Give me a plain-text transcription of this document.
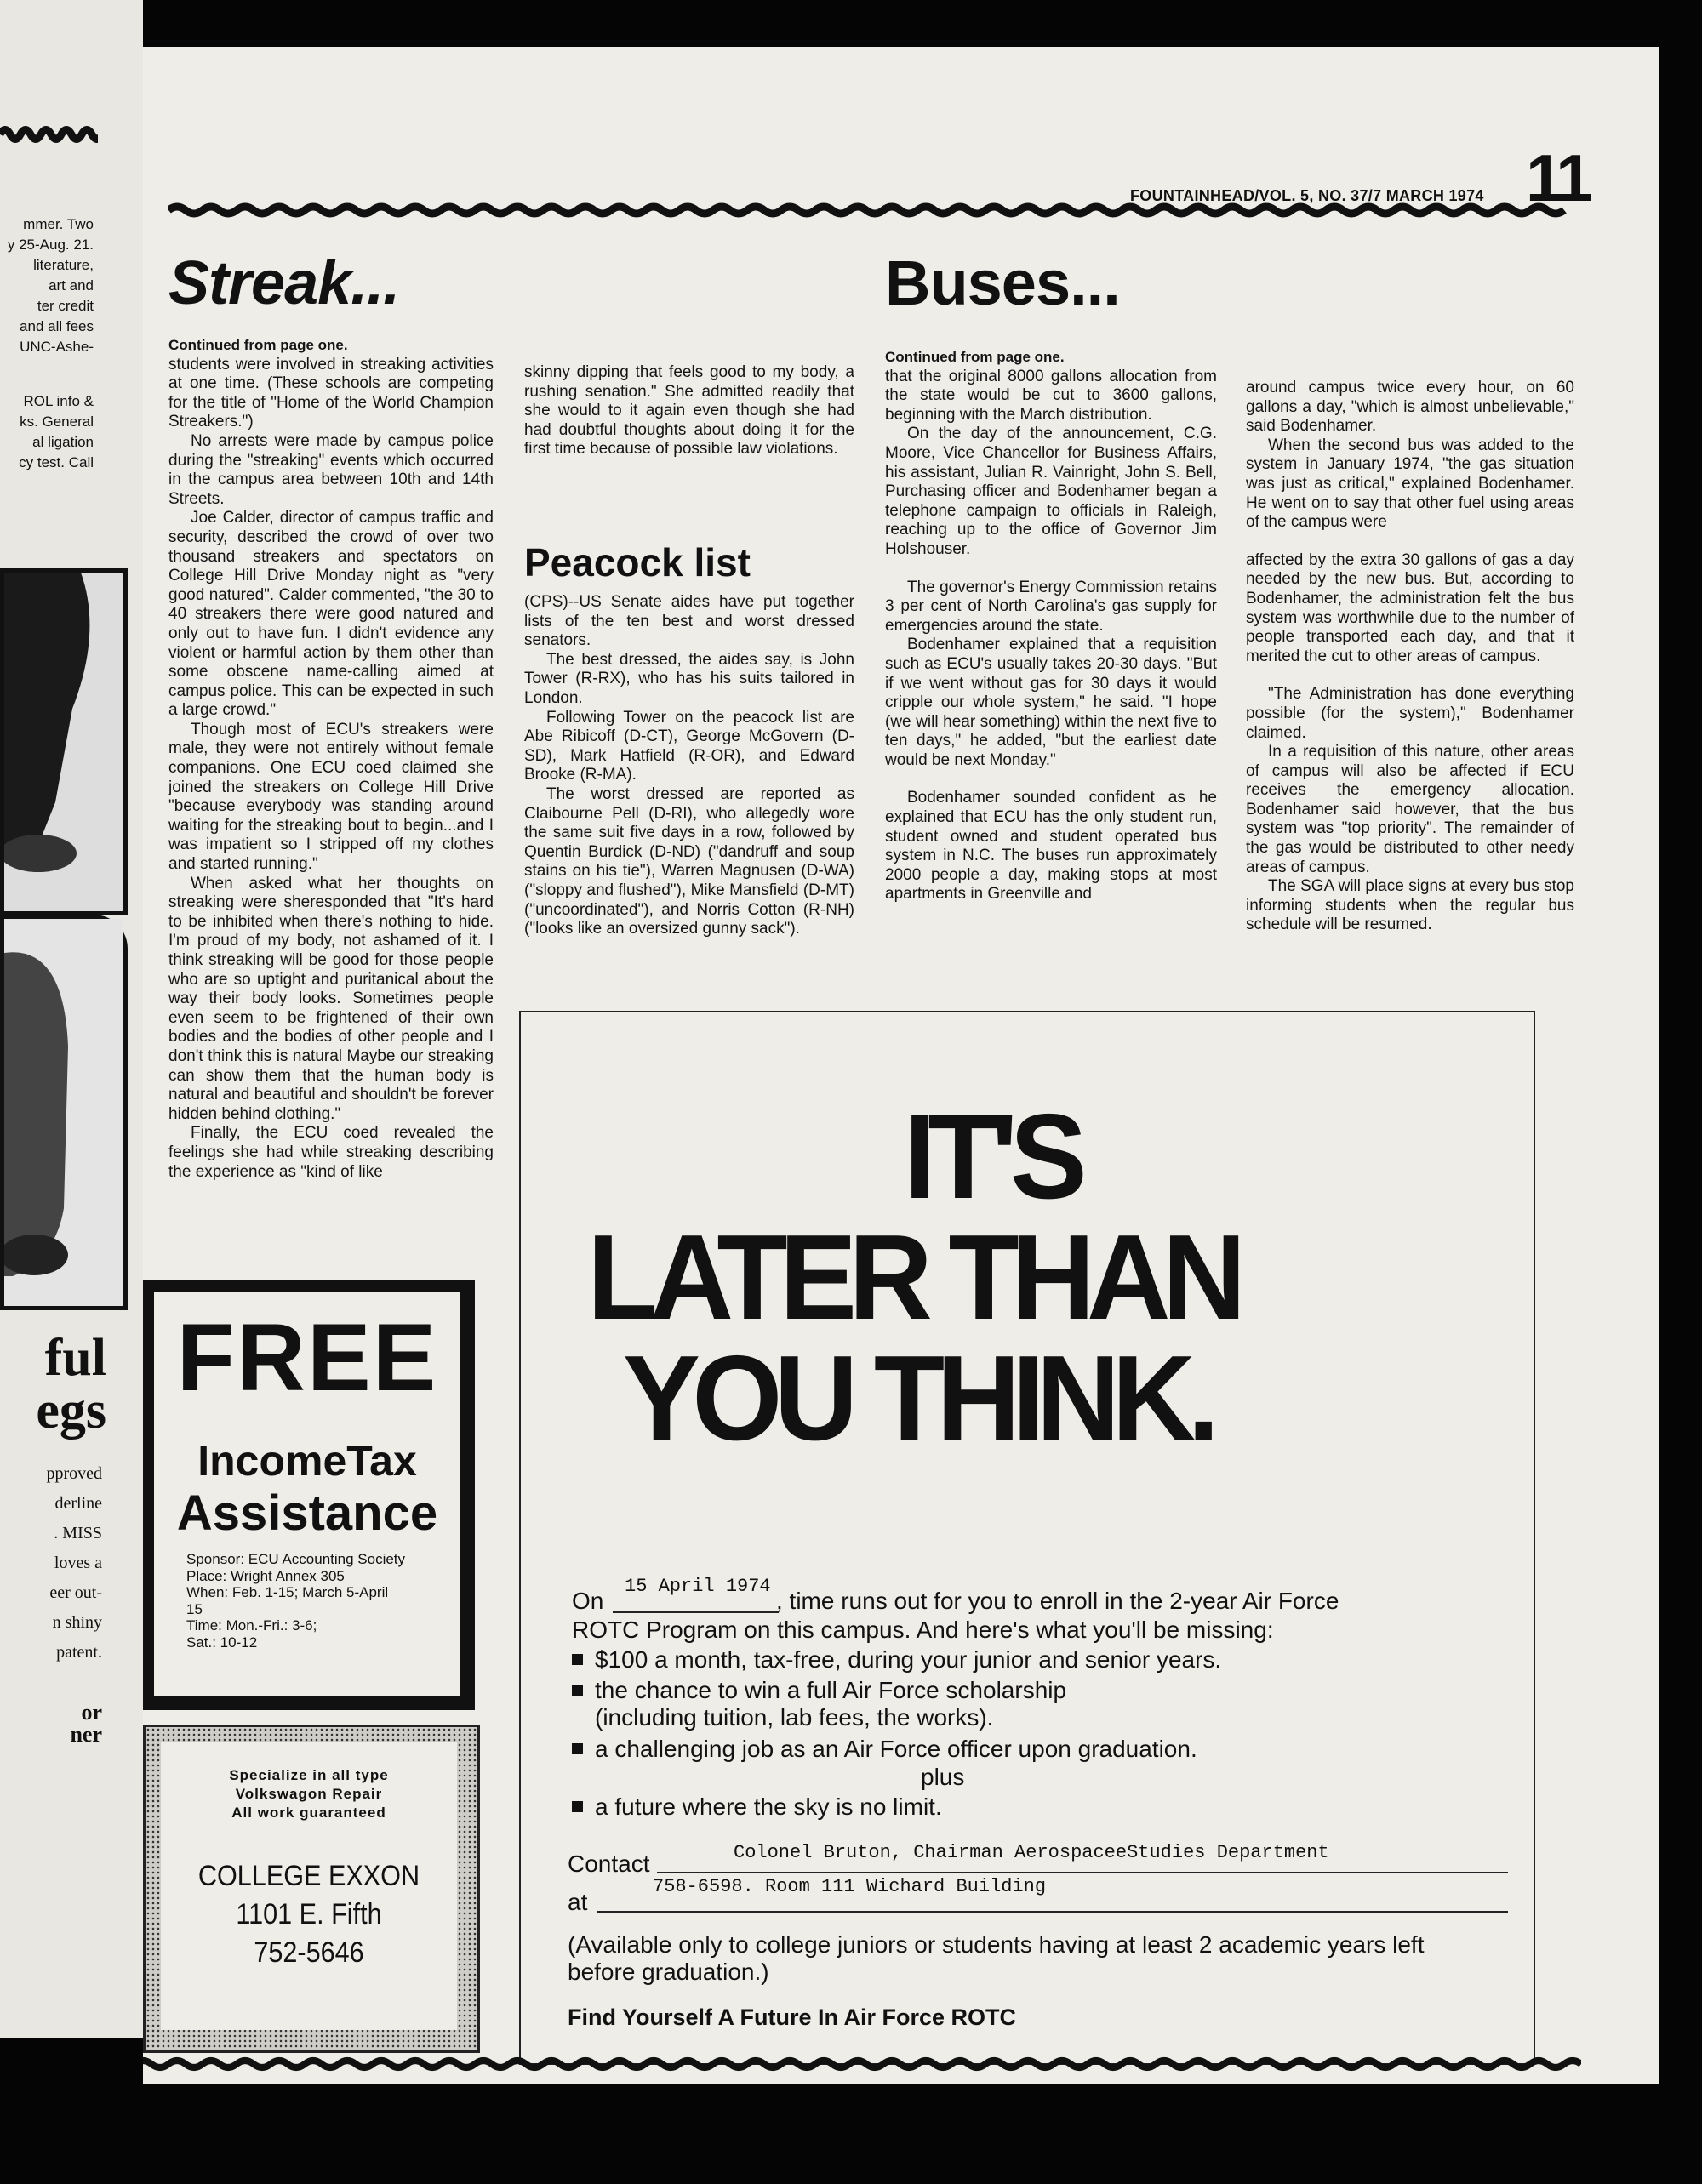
mmer. Two
y 25-Aug. 21.
literature,
art and
ter credit
and all fees
UNC-Ashe-
ROL info &
ks. General
al ligation
cy test. Call
ful
egs
pproved
derline
. MISS
loves a
eer out-
n shiny
patent.
or
ner
11
FOUNTAINHEAD/VOL. 5, NO. 37/7 MARCH 1974
Streak...

Continued from page one.

students were involved in streaking activities at one time. (These schools are competing for the title of "Home of the World Champion Streakers.")

No arrests were made by campus police during the "streaking" events which occurred in the campus area between 10th and 14th Streets.

Joe Calder, director of campus traffic and security, described the crowd of over two thousand streakers and spectators on College Hill Drive Monday night as "very good natured". Calder commented, "the 30 to 40 streakers there were good natured and only out to have fun. I didn't evidence any violent or harmful action by them other than some obscene name-calling aimed at campus police. This can be expected in such a large crowd."

Though most of ECU's streakers were male, they were not entirely without female companions. One ECU coed claimed she joined the streakers on College Hill Drive "because everybody was standing around waiting for the streaking bout to begin...and I was impatient so I stripped off my clothes and started running."

When asked what her thoughts on streaking were sheresponded that "It's hard to be inhibited when there's nothing to hide. I'm proud of my body, not ashamed of it. I think streaking will be good for those people who are so uptight and puritanical about the way their body looks. Sometimes people even seem to be frightened of their own bodies and the bodies of other people and I don't think this is natural Maybe our streaking can show them that the human body is natural and beautiful and shouldn't be forever hidden behind clothing."

Finally, the ECU coed revealed the feelings she had while streaking describing the experience as "kind of like

skinny dipping that feels good to my body, a rushing senation." She admitted readily that she would to it again even though she had had doubtful thoughts about doing it for the first time because of possible law violations.

Peacock list

(CPS)--US Senate aides have put together lists of the ten best and worst dressed senators.

The best dressed, the aides say, is John Tower (R-RX), who has his suits tailored in London.

Following Tower on the peacock list are Abe Ribicoff (D-CT), George McGovern (D-SD), Mark Hatfield (R-OR), and Edward Brooke (R-MA).

The worst dressed are reported as Claibourne Pell (D-RI), who allegedly wore the same suit five days in a row, followed by Quentin Burdick (D-ND) ("dandruff and soup stains on his tie"), Warren Magnusen (D-WA) ("sloppy and flushed"), Mike Mansfield (D-MT) ("uncoordinated"), and Norris Cotton (R-NH) ("looks like an oversized gunny sack").

Buses...

Continued from page one.

that the original 8000 gallons allocation from the state would be cut to 3600 gallons, beginning with the March distribution.

On the day of the announcement, C.G. Moore, Vice Chancellor for Business Affairs, his assistant, Julian R. Vainright, John S. Bell, Purchasing officer and Bodenhamer began a telephone campaign to officials in Raleigh, reaching up to the office of Governor Jim Holshouser.

The governor's Energy Commission retains 3 per cent of North Carolina's gas supply for emergencies around the state.

Bodenhamer explained that a requisition such as ECU's usually takes 20-30 days. "But if we went without gas for 30 days it would cripple our whole system," he said. "I hope (we will hear something) within the next five to ten days," he added, "but the earliest date would be next Monday."

Bodenhamer sounded confident as he explained that ECU has the only student run, student owned and student operated bus system in N.C. The buses run approximately 2000 people a day, making stops at most apartments in Greenville and

around campus twice every hour, on 60 gallons a day, "which is almost unbelievable," said Bodenhamer.

When the second bus was added to the system in January 1974, "the gas situation was just as critical," explained Bodenhamer. He went on to say that other fuel using areas of the campus were

affected by the extra 30 gallons of gas a day needed by the new bus. But, according to Bodenhamer, the administration felt the bus system was worthwhile due to the number of people transported each day, and that it merited the cut to other areas of campus.

"The Administration has done everything possible (for the system)," Bodenhamer claimed.

In a requisition of this nature, other areas of campus will also be affected if ECU receives the emergency allocation. Bodenhamer said however, that the bus system was "top priority". The remainder of the gas would be distributed to other needy areas of campus.

The SGA will place signs at every bus stop informing students when the regular bus schedule will be resumed.

FREE
IncomeTax
Assistance
Sponsor: ECU Accounting Society
Place: Wright Annex 305
When: Feb. 1-15; March 5-April 15
Time: Mon.-Fri.: 3-6;
Sat.: 10-12
Specialize in all type
Volkswagon Repair
All work guaranteed
COLLEGE EXXON
1101 E. Fifth
752-5646
IT'S
LATER THAN
YOU THINK.
On
15 April 1974
, time runs out for you to enroll in the 2-year Air Force
ROTC Program on this campus. And here's what you'll be missing:
$100 a month, tax-free, during your junior and senior years.
the chance to win a full Air Force scholarship
(including tuition, lab fees, the works).
a challenging job as an Air Force officer upon graduation.
plus
a future where the sky is no limit.
Contact	Colonel Bruton, Chairman AerospaceeStudies Department
at
758-6598. Room 111 Wichard Building
(Available only to college juniors or students having at least 2 academic years left before graduation.)
Find Yourself A Future In Air Force ROTC
